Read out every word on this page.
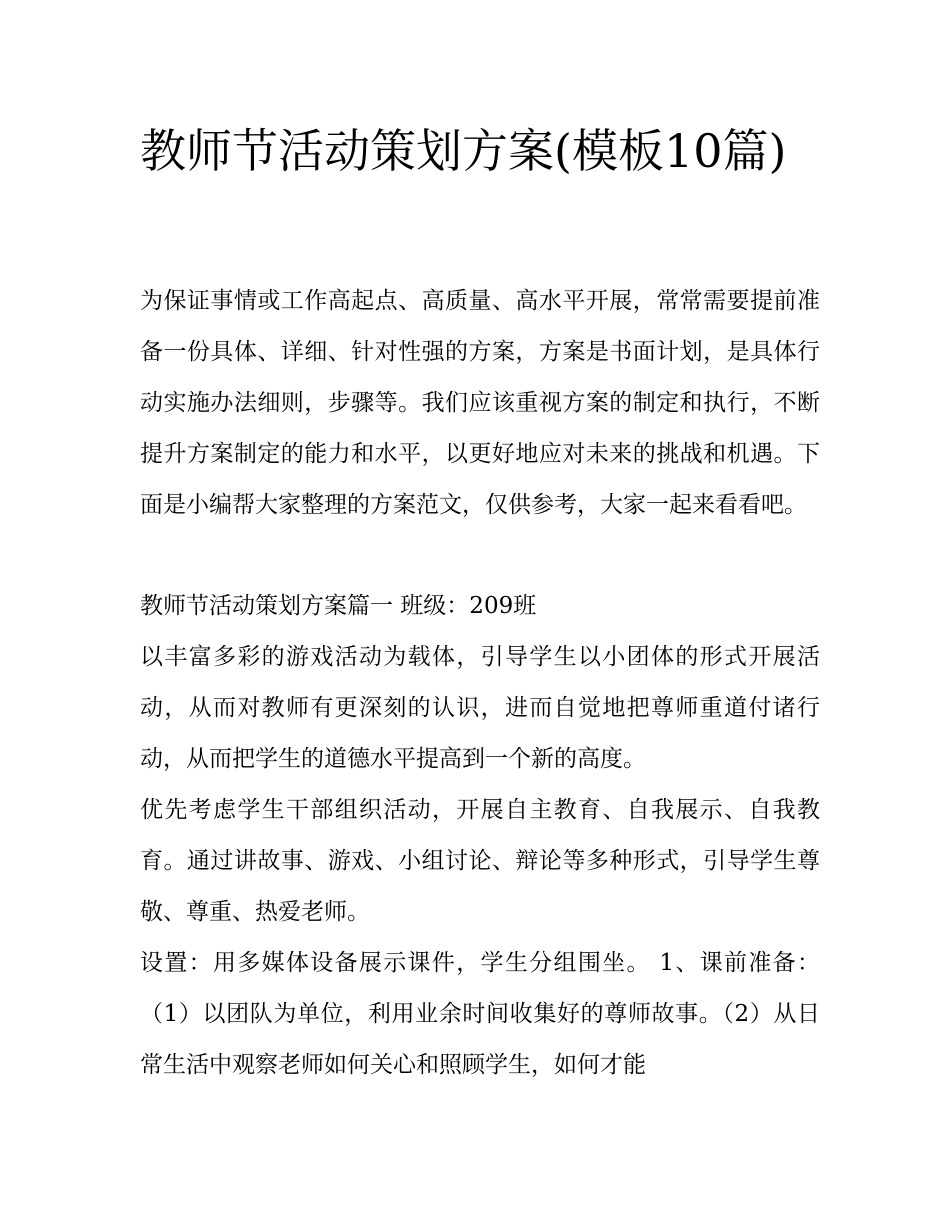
教师节活动策划方案(模板10篇)

为保证事情或工作高起点、高质量、高水平开展，常常需要提前准备一份具体、详细、针对性强的方案，方案是书面计划，是具体行动实施办法细则，步骤等。我们应该重视方案的制定和执行，不断提升方案制定的能力和水平，以更好地应对未来的挑战和机遇。下面是小编帮大家整理的方案范文，仅供参考，大家一起来看看吧。

教师节活动策划方案篇一 班级：209班

以丰富多彩的游戏活动为载体，引导学生以小团体的形式开展活动，从而对教师有更深刻的认识，进而自觉地把尊师重道付诸行动，从而把学生的道德水平提高到一个新的高度。

优先考虑学生干部组织活动，开展自主教育、自我展示、自我教育。通过讲故事、游戏、小组讨论、辩论等多种形式，引导学生尊敬、尊重、热爱老师。

设置：用多媒体设备展示课件，学生分组围坐。 1、课前准备： （1）以团队为单位，利用业余时间收集好的尊师故事。（2）从日常生活中观察老师如何关心和照顾学生，如何才能
